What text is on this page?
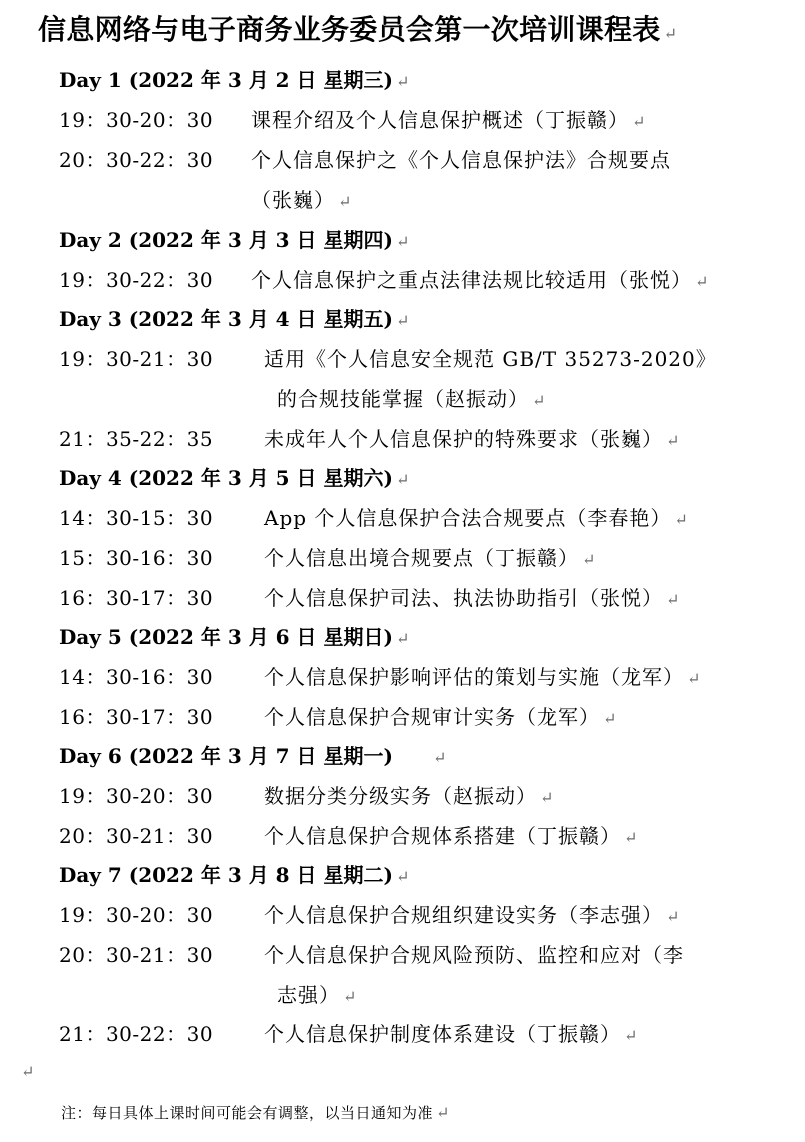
信息网络与电子商务业务委员会第一次培训课程表 ↵
Day 1 (2022 年 3 月 2 日 星期三) ↵
19：30-20：30 课程介绍及个人信息保护概述（丁振赣） ↵
20：30-22：30 个人信息保护之《个人信息保护法》合规要点
（张巍） ↵
Day 2 (2022 年 3 月 3 日 星期四) ↵
19：30-22：30 个人信息保护之重点法律法规比较适用（张悦） ↵
Day 3 (2022 年 3 月 4 日 星期五) ↵
19：30-21：30	适用《个人信息安全规范 GB/T 35273-2020》
的合规技能掌握（赵振动） ↵
21：35-22：35	未成年人个人信息保护的特殊要求（张巍） ↵
Day 4 (2022 年 3 月 5 日 星期六) ↵
14：30-15：30	App 个人信息保护合法合规要点（李春艳） ↵
15：30-16：30	个人信息出境合规要点（丁振赣） ↵
16：30-17：30	个人信息保护司法、执法协助指引（张悦） ↵
Day 5 (2022 年 3 月 6 日 星期日) ↵
14：30-16：30	个人信息保护影响评估的策划与实施（龙军） ↵
16：30-17：30	个人信息保护合规审计实务（龙军） ↵
Day 6 (2022 年 3 月 7 日 星期一)	↵
19：30-20：30	数据分类分级实务（赵振动） ↵
20：30-21：30	个人信息保护合规体系搭建（丁振赣） ↵
Day 7 (2022 年 3 月 8 日 星期二) ↵
19：30-20：30	个人信息保护合规组织建设实务（李志强） ↵
20：30-21：30	个人信息保护合规风险预防、监控和应对（李
志强） ↵
21：30-22：30	个人信息保护制度体系建设（丁振赣） ↵
↵
注：每日具体上课时间可能会有调整，以当日通知为准 ↵
